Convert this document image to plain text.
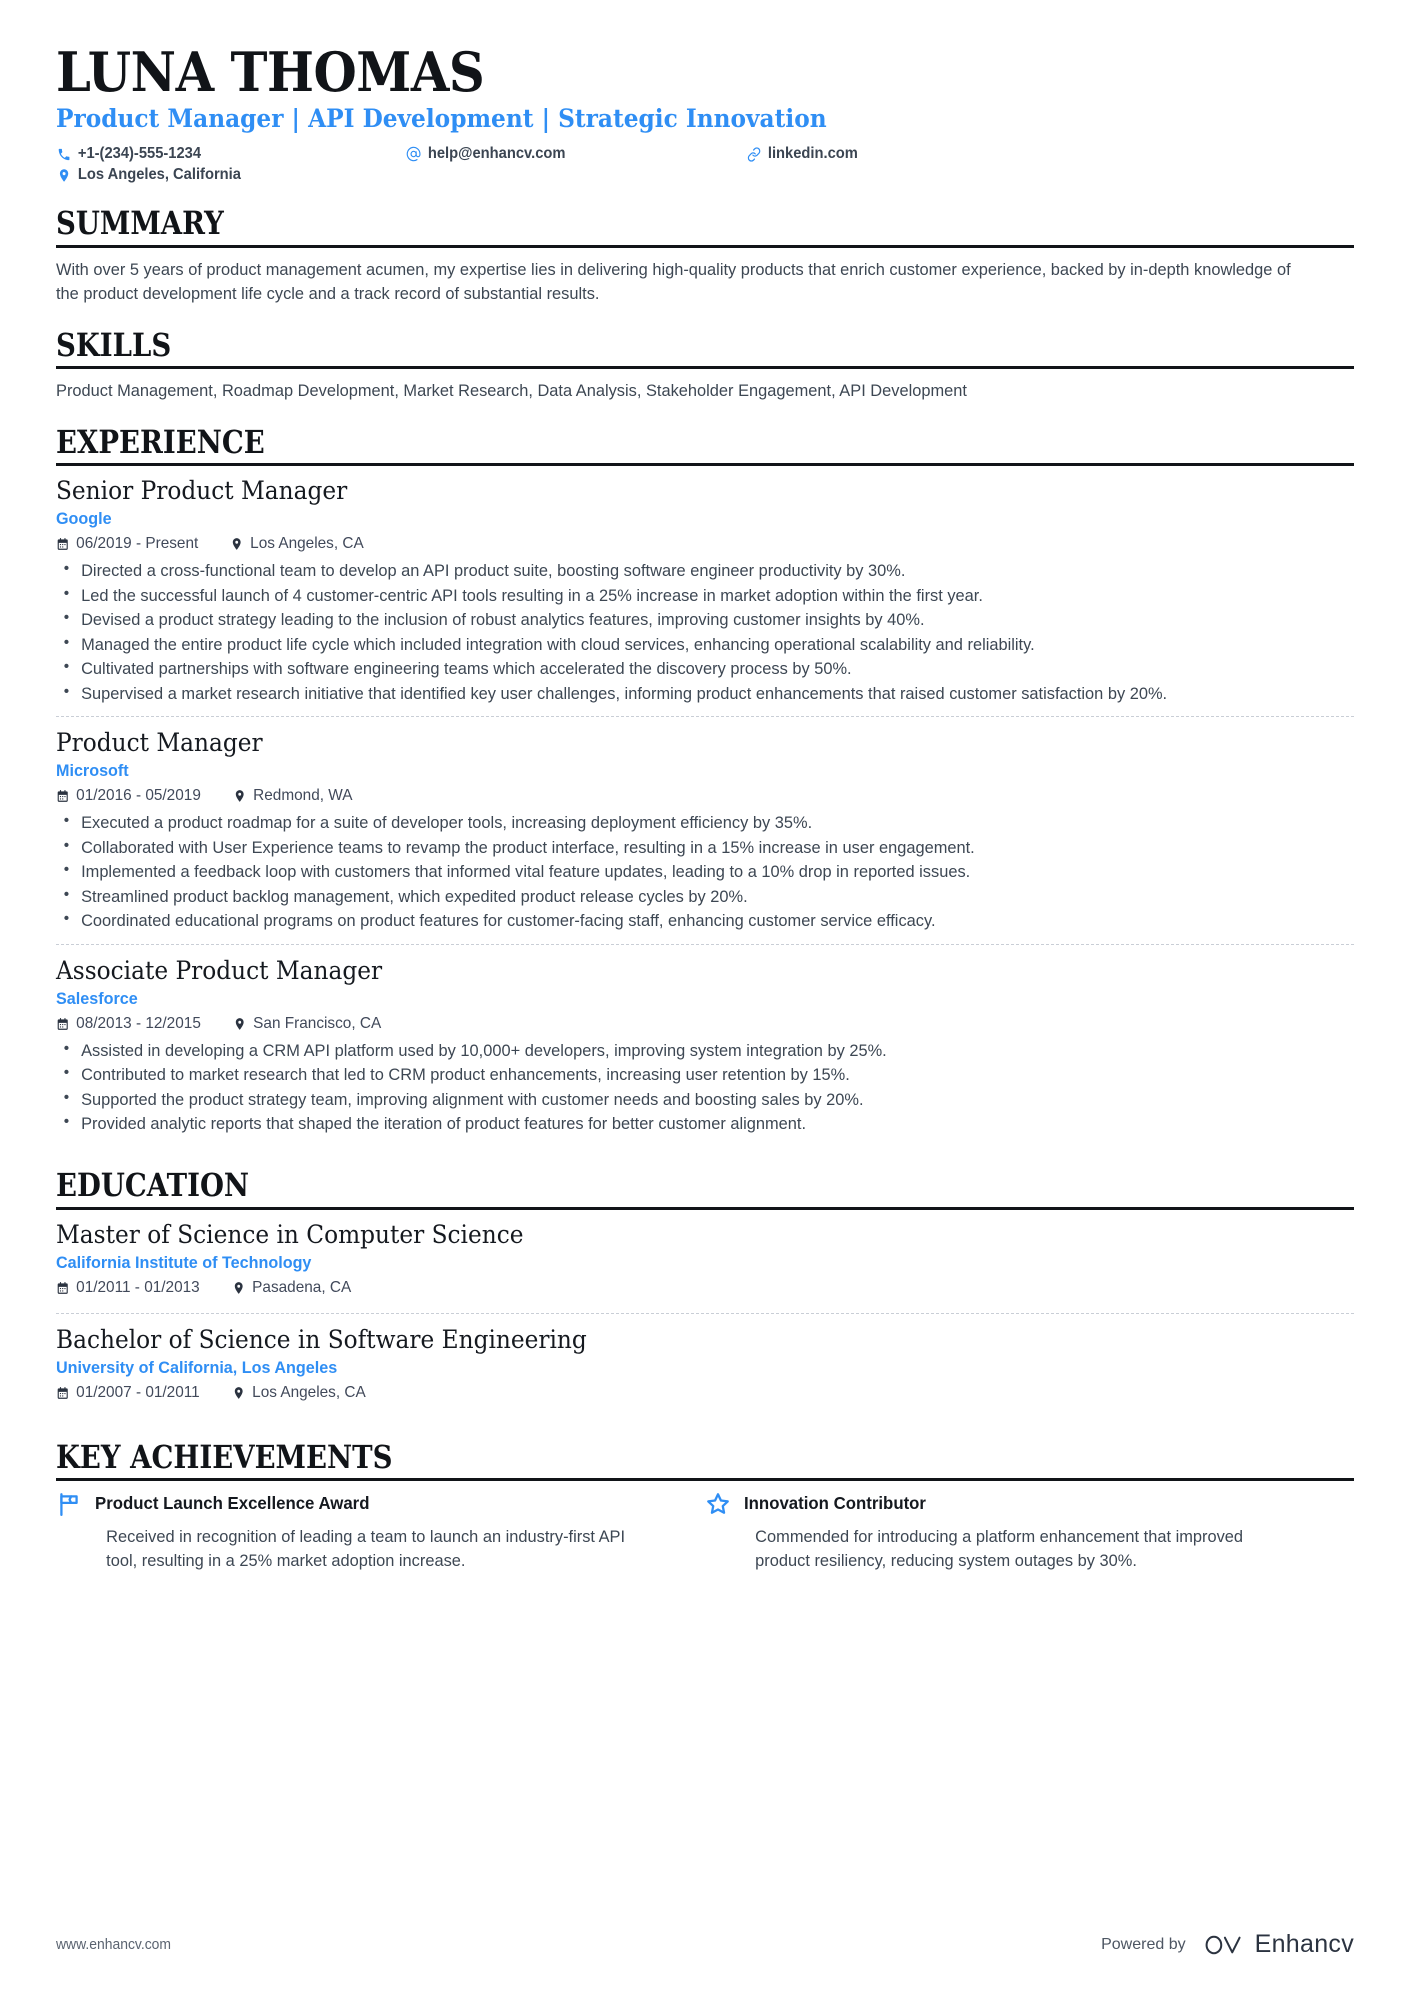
LUNA THOMAS
Product Manager | API Development | Strategic Innovation
+1-(234)-555-1234	help@enhancv.com	linkedin.com
Los Angeles, California
SUMMARY
With over 5 years of product management acumen, my expertise lies in delivering high-quality products that enrich customer experience, backed by in-depth knowledge of the product development life cycle and a track record of substantial results.
SKILLS
Product Management, Roadmap Development, Market Research, Data Analysis, Stakeholder Engagement, API Development
EXPERIENCE
Senior Product Manager
Google
06/2019 - Present	Los Angeles, CA
• Directed a cross-functional team to develop an API product suite, boosting software engineer productivity by 30%.
• Led the successful launch of 4 customer-centric API tools resulting in a 25% increase in market adoption within the first year.
• Devised a product strategy leading to the inclusion of robust analytics features, improving customer insights by 40%.
• Managed the entire product life cycle which included integration with cloud services, enhancing operational scalability and reliability.
• Cultivated partnerships with software engineering teams which accelerated the discovery process by 50%.
• Supervised a market research initiative that identified key user challenges, informing product enhancements that raised customer satisfaction by 20%.
Product Manager
Microsoft
01/2016 - 05/2019	Redmond, WA
• Executed a product roadmap for a suite of developer tools, increasing deployment efficiency by 35%.
• Collaborated with User Experience teams to revamp the product interface, resulting in a 15% increase in user engagement.
• Implemented a feedback loop with customers that informed vital feature updates, leading to a 10% drop in reported issues.
• Streamlined product backlog management, which expedited product release cycles by 20%.
• Coordinated educational programs on product features for customer-facing staff, enhancing customer service efficacy.
Associate Product Manager
Salesforce
08/2013 - 12/2015	San Francisco, CA
• Assisted in developing a CRM API platform used by 10,000+ developers, improving system integration by 25%.
• Contributed to market research that led to CRM product enhancements, increasing user retention by 15%.
• Supported the product strategy team, improving alignment with customer needs and boosting sales by 20%.
• Provided analytic reports that shaped the iteration of product features for better customer alignment.
EDUCATION
Master of Science in Computer Science
California Institute of Technology
01/2011 - 01/2013	Pasadena, CA
Bachelor of Science in Software Engineering
University of California, Los Angeles
01/2007 - 01/2011	Los Angeles, CA
KEY ACHIEVEMENTS
Product Launch Excellence Award
Received in recognition of leading a team to launch an industry-first API tool, resulting in a 25% market adoption increase.
Innovation Contributor
Commended for introducing a platform enhancement that improved product resiliency, reducing system outages by 30%.
www.enhancv.com	Powered by	Enhancv
